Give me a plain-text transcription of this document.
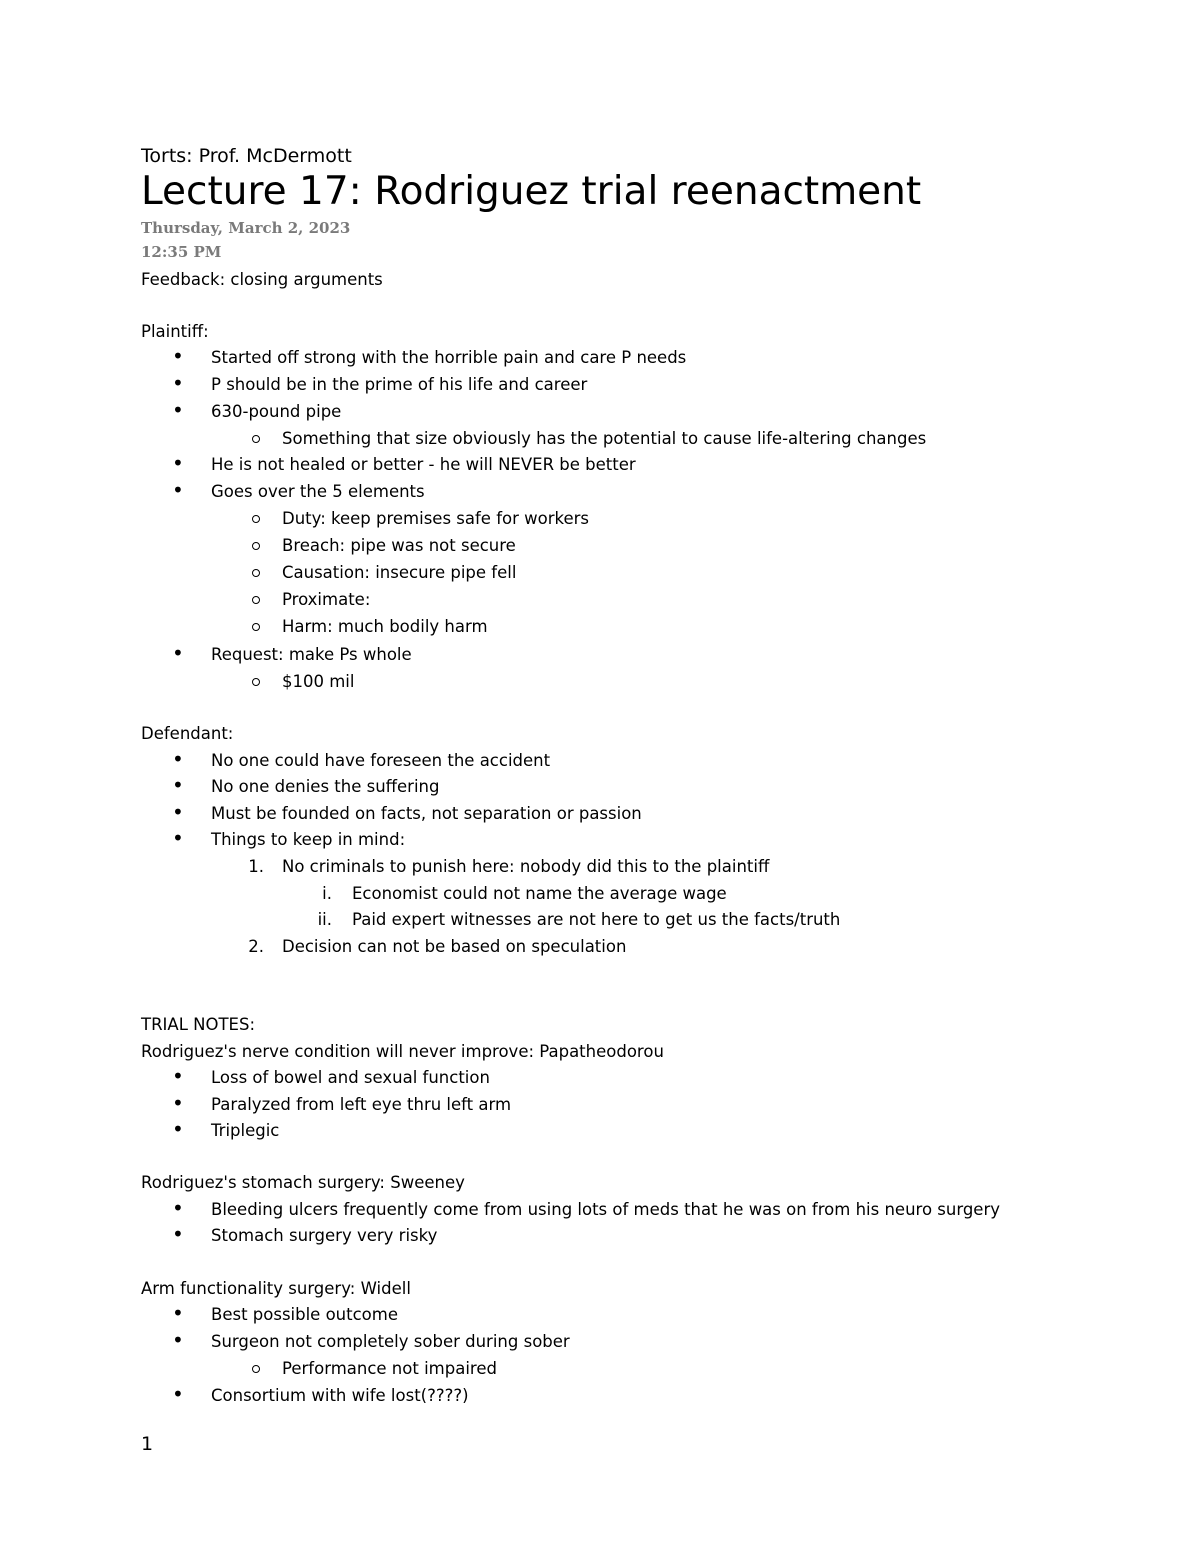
Torts: Prof. McDermott
Lecture 17: Rodriguez trial reenactment
Thursday, March 2, 2023
12:35 PM
Feedback: closing arguments
Plaintiff:
• Started off strong with the horrible pain and care P needs
• P should be in the prime of his life and career
• 630-pound pipe
Something that size obviously has the potential to cause life-altering changes
• He is not healed or better - he will NEVER be better
• Goes over the 5 elements
Duty: keep premises safe for workers
Breach: pipe was not secure
Causation: insecure pipe fell
Proximate:
Harm: much bodily harm
• Request: make Ps whole
$100 mil
Defendant:
• No one could have foreseen the accident
• No one denies the suffering
• Must be founded on facts, not separation or passion
• Things to keep in mind:
1. No criminals to punish here: nobody did this to the plaintiff
i. Economist could not name the average wage
ii. Paid expert witnesses are not here to get us the facts/truth
2. Decision can not be based on speculation
TRIAL NOTES:
Rodriguez's nerve condition will never improve: Papatheodorou
• Loss of bowel and sexual function
• Paralyzed from left eye thru left arm
• Triplegic
Rodriguez's stomach surgery: Sweeney
• Bleeding ulcers frequently come from using lots of meds that he was on from his neuro surgery
• Stomach surgery very risky
Arm functionality surgery: Widell
• Best possible outcome
• Surgeon not completely sober during sober
Performance not impaired
• Consortium with wife lost(????)
1
